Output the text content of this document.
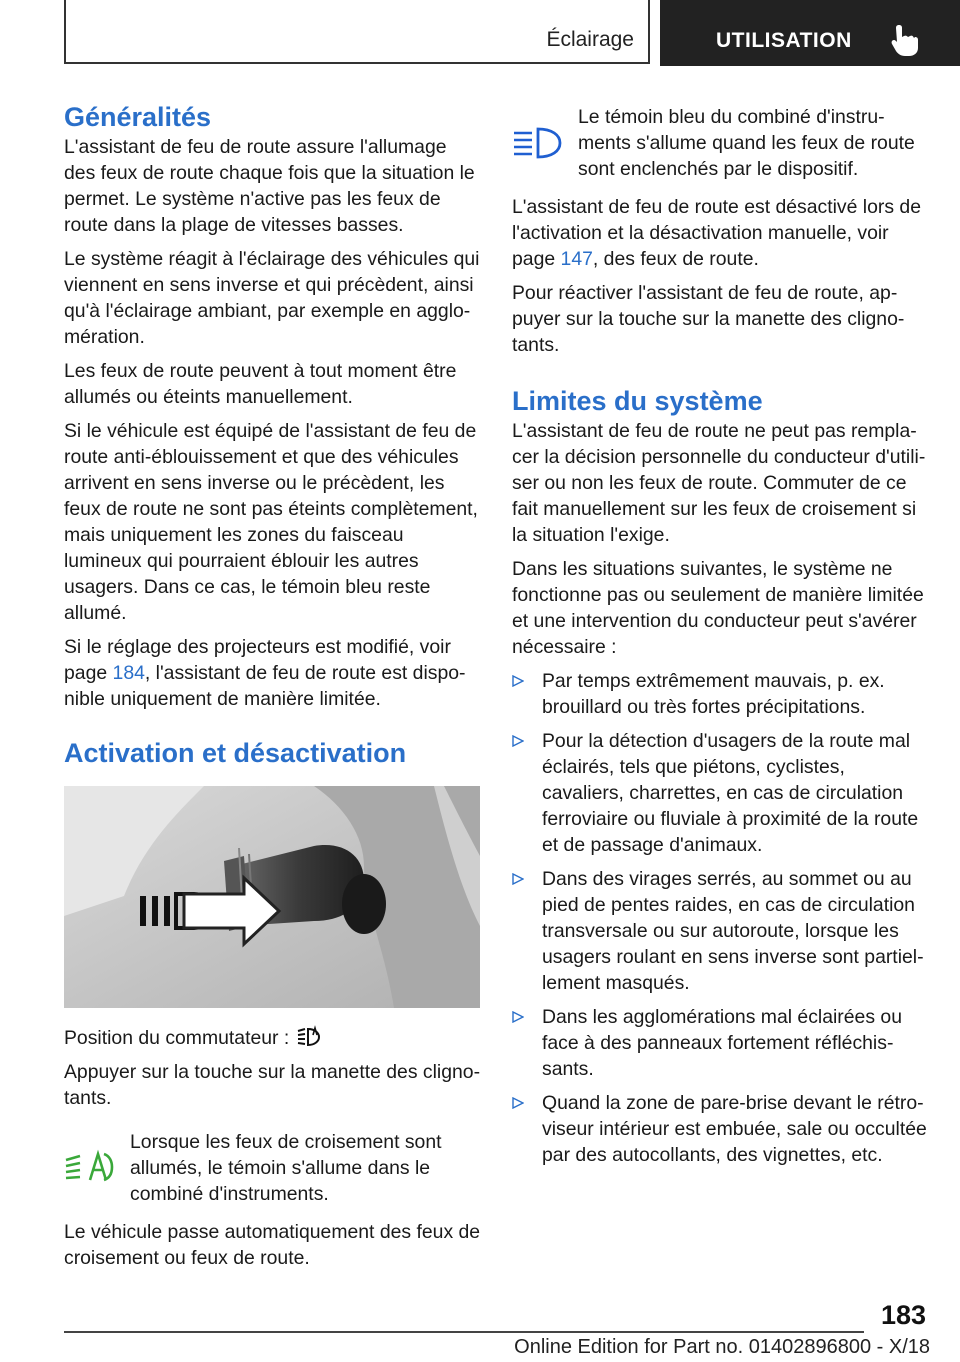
Éclairage	UTILISATION
Généralités

L'assistant de feu de route assure l'allumage des feux de route chaque fois que la situation le permet. Le système n'active pas les feux de route dans la plage de vitesses basses.

Le système réagit à l'éclairage des véhicules qui viennent en sens inverse et qui précèdent, ainsi qu'à l'éclairage ambiant, par exemple en agglomération.

Les feux de route peuvent à tout moment être allumés ou éteints manuellement.

Si le véhicule est équipé de l'assistant de feu de route anti-éblouissement et que des véhicules arrivent en sens inverse ou le précèdent, les feux de route ne sont pas éteints complètement, mais uniquement les zones du faisceau lumineux qui pourraient éblouir les autres usagers. Dans ce cas, le témoin bleu reste allumé.

Si le réglage des projecteurs est modifié, voir page 184, l'assistant de feu de route est disponible uniquement de manière limitée.

Activation et désactivation

Position du commutateur :

Appuyer sur la touche sur la manette des clignotants.

Lorsque les feux de croisement sont allumés, le témoin s'allume dans le combiné d'instruments.

Le véhicule passe automatiquement des feux de croisement ou feux de route.

Le témoin bleu du combiné d'instruments s'allume quand les feux de route sont enclenchés par le dispositif.

L'assistant de feu de route est désactivé lors de l'activation et la désactivation manuelle, voir page 147, des feux de route.

Pour réactiver l'assistant de feu de route, appuyer sur la touche sur la manette des clignotants.

Limites du système

L'assistant de feu de route ne peut pas remplacer la décision personnelle du conducteur d'utiliser ou non les feux de route. Commuter de ce fait manuellement sur les feux de croisement si la situation l'exige.

Dans les situations suivantes, le système ne fonctionne pas ou seulement de manière limitée et une intervention du conducteur peut s'avérer nécessaire :

Par temps extrêmement mauvais, p. ex. brouillard ou très fortes précipitations.
Pour la détection d'usagers de la route mal éclairés, tels que piétons, cyclistes, cavaliers, charrettes, en cas de circulation ferroviaire ou fluviale à proximité de la route et de passage d'animaux.
Dans des virages serrés, au sommet ou au pied de pentes raides, en cas de circulation transversale ou sur autoroute, lorsque les usagers roulant en sens inverse sont partiellement masqués.
Dans les agglomérations mal éclairées ou face à des panneaux fortement réfléchissants.
Quand la zone de pare-brise devant le rétroviseur intérieur est embuée, sale ou occultée par des autocollants, des vignettes, etc.
183
Online Edition for Part no. 01402896800 - X/18
